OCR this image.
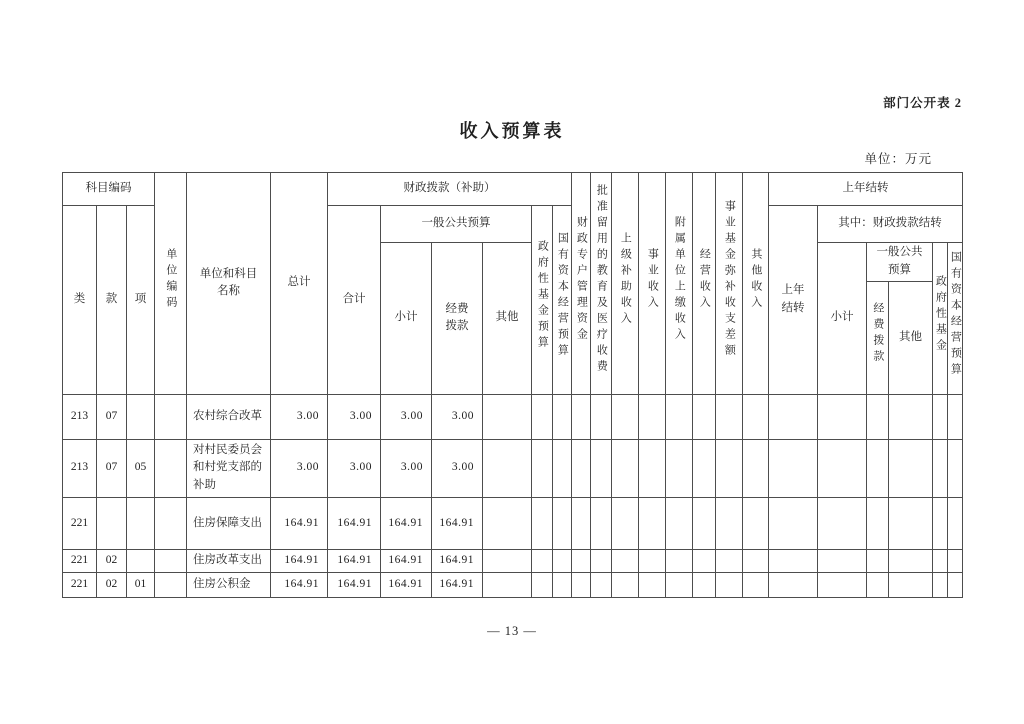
部门公开表 2
收入预算表
单位：万元
科目编码			单位编码	单位和科目名称	总计	财政拨款（补助）						财政专户管理资金	批准留用的教育及医疗收费	上级补助收入	事业收入	附属单位上缴收入	经营收入	事业基金弥补收支差额	其他收入	上年结转					
类	款	项				合计	一般公共预算			政府性基金预算	国有资本经营预算									上年结转	其中：财政拨款结转				
							小计	经费拨款	其他												小计	一般公共预算		政府性基金	国有资本经营预算
																						经费拨款	其他		
213	07			农村综合改革	3.00	3.00	3.00	3.00																	
213	07	05		对村民委员会和村党支部的补助	3.00	3.00	3.00	3.00																	
221				住房保障支出	164.91	164.91	164.91	164.91																	
221	02			住房改革支出	164.91	164.91	164.91	164.91																	
221	02	01		住房公积金	164.91	164.91	164.91	164.91																	
— 13 —
